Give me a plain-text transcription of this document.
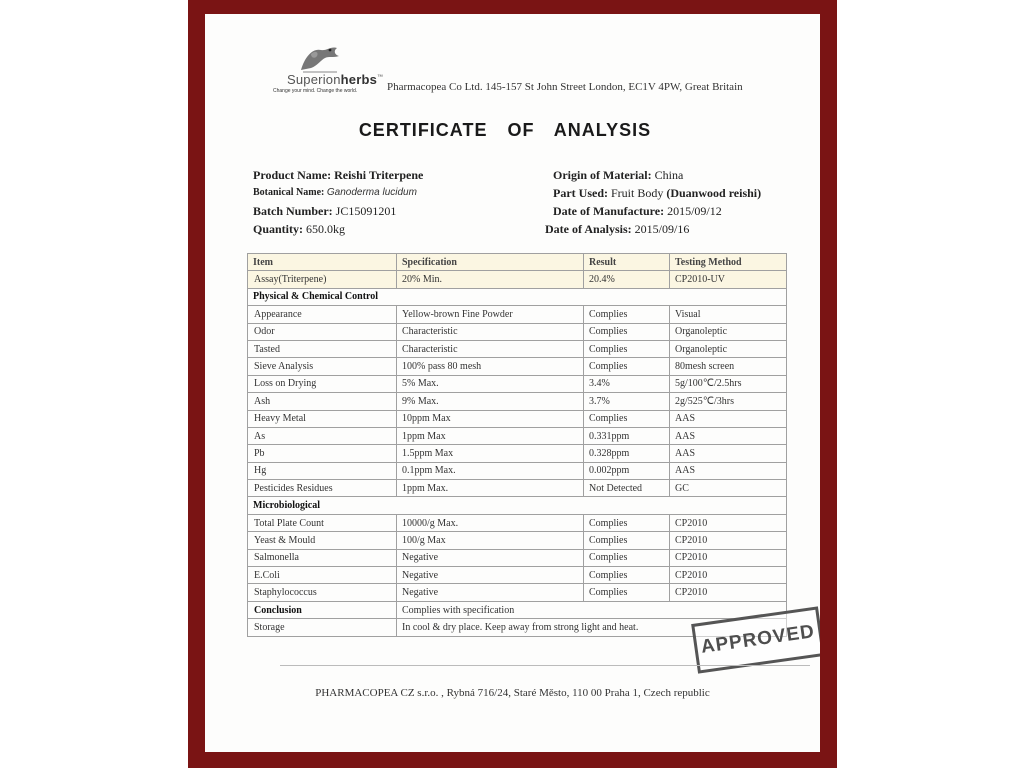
Superionherbs™
Change your mind. Change the world.	Pharmacopea Co Ltd. 145-157 St John Street London, EC1V 4PW, Great Britain
CERTIFICATE OF ANALYSIS
Product Name: Reishi Triterpene
Botanical Name: Ganoderma lucidum
Batch Number: JC15091201
Quantity: 650.0kg
Origin of Material: China
Part Used: Fruit Body (Duanwood reishi)
Date of Manufacture: 2015/09/12
Date of Analysis: 2015/09/16
Item	Specification	Result	Testing Method
Assay(Triterpene)	20% Min.	20.4%	CP2010-UV
Physical & Chemical Control			
Appearance	Yellow-brown Fine Powder	Complies	Visual
Odor	Characteristic	Complies	Organoleptic
Tasted	Characteristic	Complies	Organoleptic
Sieve Analysis	100% pass 80 mesh	Complies	80mesh screen
Loss on Drying	5% Max.	3.4%	5g/100℃/2.5hrs
Ash	9% Max.	3.7%	2g/525℃/3hrs
Heavy Metal	10ppm Max	Complies	AAS
As	1ppm Max	0.331ppm	AAS
Pb	1.5ppm Max	0.328ppm	AAS
Hg	0.1ppm Max.	0.002ppm	AAS
Pesticides Residues	1ppm Max.	Not Detected	GC
Microbiological			
Total Plate Count	10000/g Max.	Complies	CP2010
Yeast & Mould	100/g Max	Complies	CP2010
Salmonella	Negative	Complies	CP2010
E.Coli	Negative	Complies	CP2010
Staphylococcus	Negative	Complies	CP2010
Conclusion	Complies with specification		
Storage	In cool & dry place. Keep away from strong light and heat.			APPROVED
PHARMACOPEA CZ s.r.o. , Rybná 716/24, Staré Město, 110 00 Praha 1, Czech republic
